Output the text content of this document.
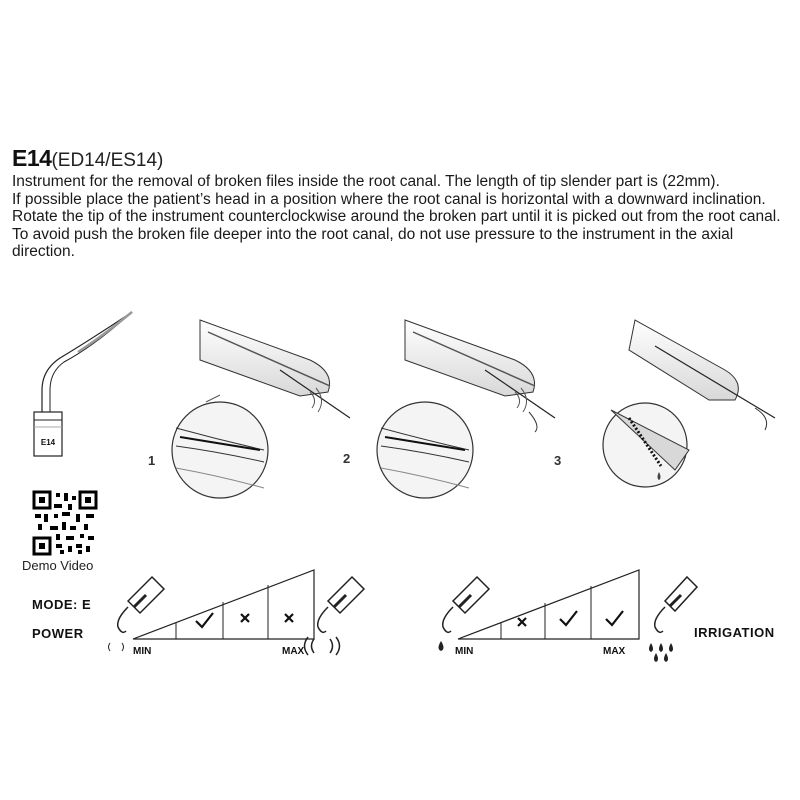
E14(ED14/ES14)

Instrument for the removal of broken files inside the root canal. The length of tip slender part is (22mm).

If possible place the patient’s head in a position where the root canal is horizontal with a downward inclination. Rotate the tip of the instrument counterclockwise around the broken part until it is picked out from the root canal.

To avoid push the broken file deeper into the root canal, do not use pressure to the instrument in the axial direction.

E14
1	2	3
Demo Video
MODE: E
POWER	IRRIGATION
MIN	MAX	MIN	MAX
